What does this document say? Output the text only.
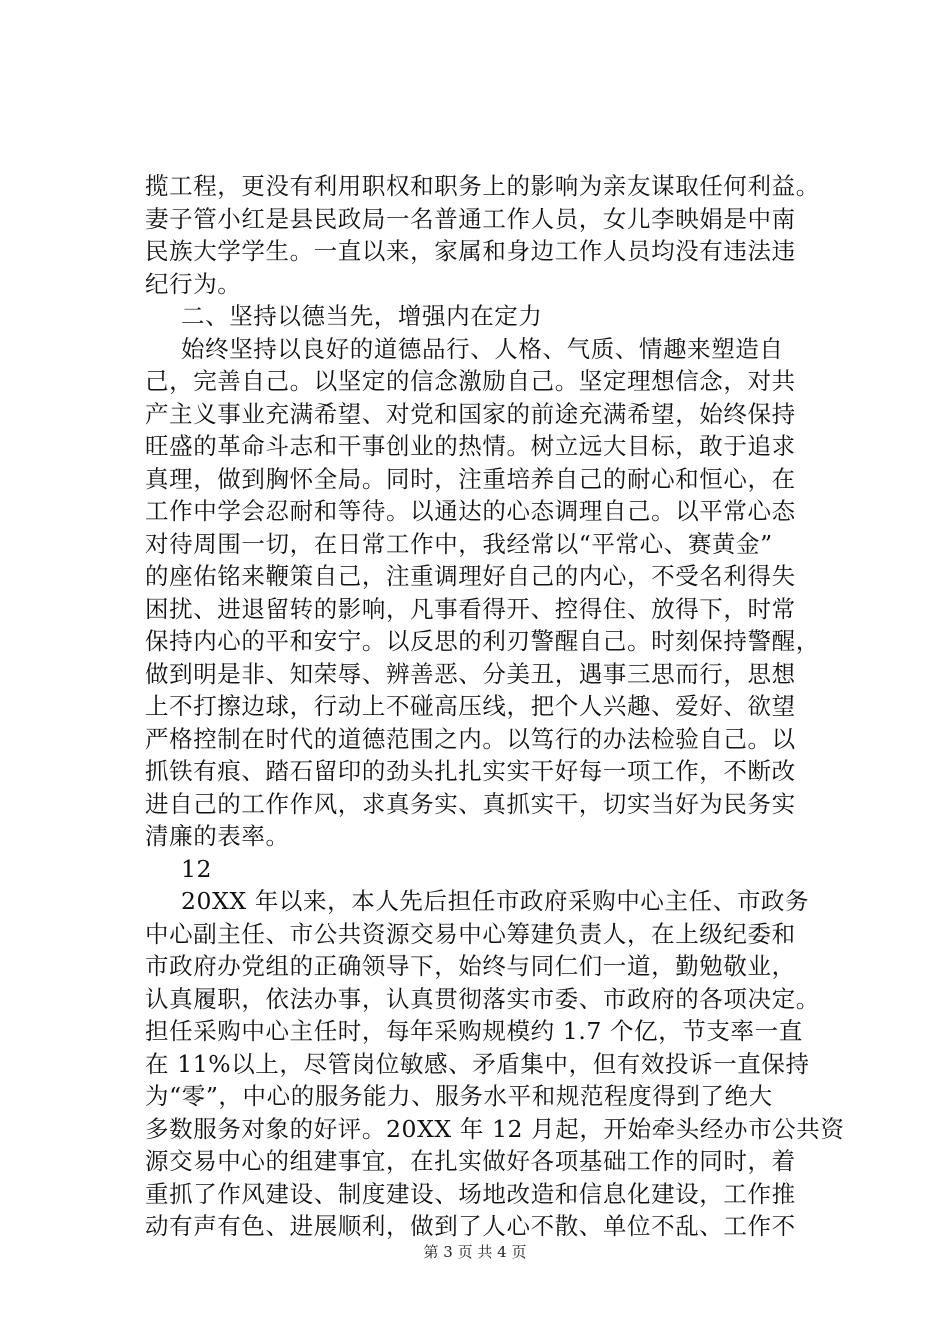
揽工程，更没有利用职权和职务上的影响为亲友谋取任何利益。
妻子管小红是县民政局一名普通工作人员，女儿李映娟是中南
民族大学学生。一直以来，家属和身边工作人员均没有违法违
纪行为。
二、坚持以德当先，增强内在定力
始终坚持以良好的道德品行、人格、气质、情趣来塑造自
己，完善自己。以坚定的信念激励自己。坚定理想信念，对共
产主义事业充满希望、对党和国家的前途充满希望，始终保持
旺盛的革命斗志和干事创业的热情。树立远大目标，敢于追求
真理，做到胸怀全局。同时，注重培养自己的耐心和恒心，在
工作中学会忍耐和等待。以通达的心态调理自己。以平常心态
对待周围一切，在日常工作中，我经常以“平常心、赛黄金”
的座佑铭来鞭策自己，注重调理好自己的内心，不受名利得失
困扰、进退留转的影响，凡事看得开、控得住、放得下，时常
保持内心的平和安宁。以反思的利刃警醒自己。时刻保持警醒，
做到明是非、知荣辱、辨善恶、分美丑，遇事三思而行，思想
上不打擦边球，行动上不碰高压线，把个人兴趣、爱好、欲望
严格控制在时代的道德范围之内。以笃行的办法检验自己。以
抓铁有痕、踏石留印的劲头扎扎实实干好每一项工作，不断改
进自己的工作作风，求真务实、真抓实干，切实当好为民务实
清廉的表率。
12
20XX 年以来，本人先后担任市政府采购中心主任、市政务
中心副主任、市公共资源交易中心筹建负责人，在上级纪委和
市政府办党组的正确领导下，始终与同仁们一道，勤勉敬业，
认真履职，依法办事，认真贯彻落实市委、市政府的各项决定。
担任采购中心主任时，每年采购规模约 1.7 个亿，节支率一直
在 11%以上，尽管岗位敏感、矛盾集中，但有效投诉一直保持
为“零”，中心的服务能力、服务水平和规范程度得到了绝大
多数服务对象的好评。20XX 年 12 月起，开始牵头经办市公共资
源交易中心的组建事宜，在扎实做好各项基础工作的同时，着
重抓了作风建设、制度建设、场地改造和信息化建设，工作推
动有声有色、进展顺利，做到了人心不散、单位不乱、工作不
第 3 页 共 4 页
